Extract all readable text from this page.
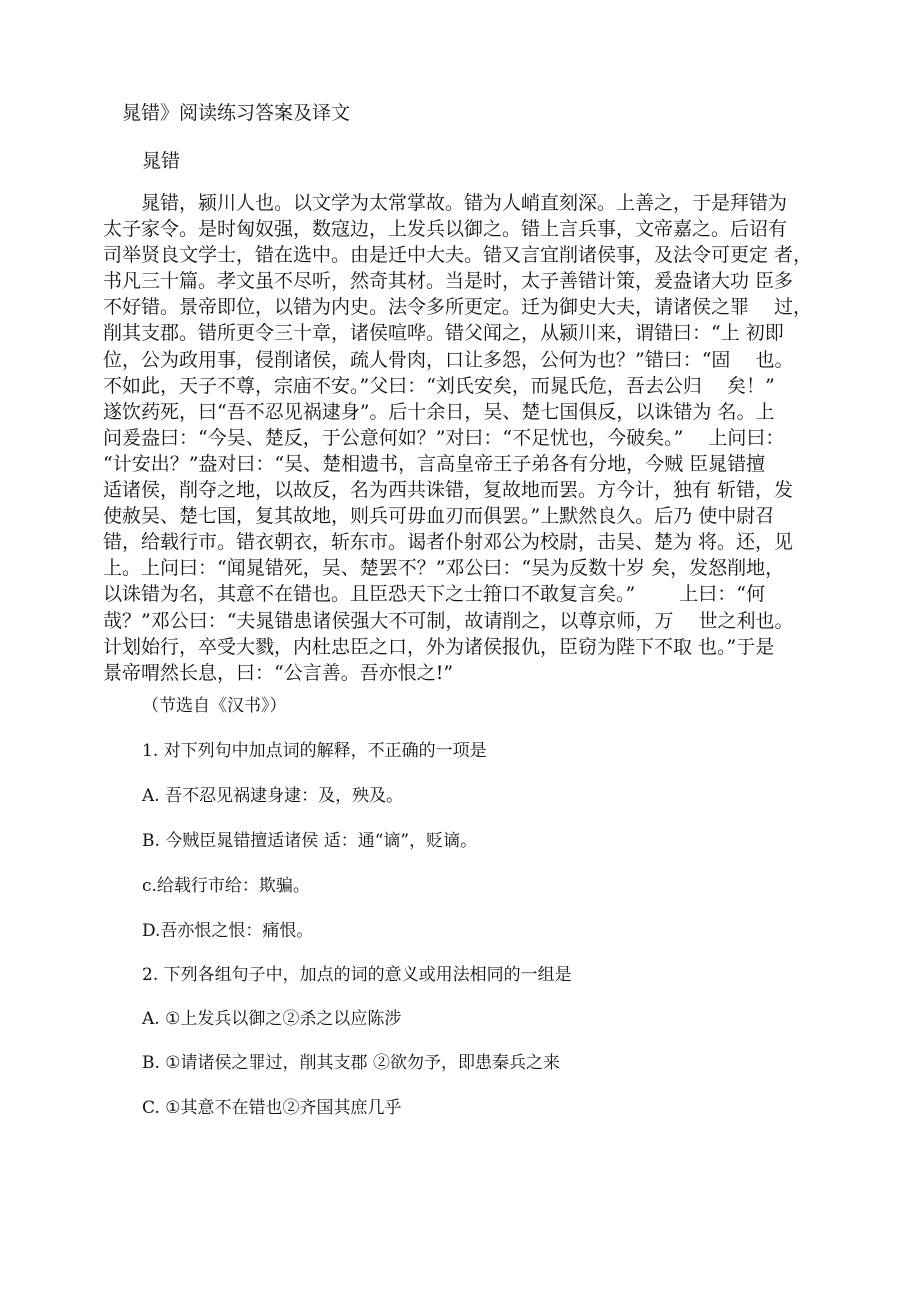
晁错》阅读练习答案及译文
晁错
晁错，颍川人也。以文学为太常掌故。错为人峭直刻深。上善之，于是拜错为
太子家令。是时匈奴强，数寇边，上发兵以御之。错上言兵事，文帝嘉之。后诏有
司举贤良文学士，错在选中。由是迁中大夫。错又言宜削诸侯事，及法令可更定 者，
书凡三十篇。孝文虽不尽听，然奇其材。当是时，太子善错计策，爰盎诸大功 臣多
不好错。景帝即位，以错为内史。法令多所更定。迁为御史大夫，请诸侯之罪　 过，
削其支郡。错所更令三十章，诸侯喧哗。错父闻之，从颍川来，谓错曰：“上 初即
位，公为政用事，侵削诸侯，疏人骨肉，口让多怨，公何为也？”错曰：“固　 也。
不如此，天子不尊，宗庙不安。”父曰：“刘氏安矣，而晁氏危，吾去公归　 矣！”
遂饮药死，曰“吾不忍见祸逮身”。后十余日，吴、楚七国俱反，以诛错为 名。上
问爰盎曰：“今吴、楚反，于公意何如？”对曰：“不足忧也，今破矣。”　 上问曰：
“计安出？”盎对曰：“吴、楚相遗书，言高皇帝王子弟各有分地，今贼 臣晁错擅
适诸侯，削夺之地，以故反，名为西共诛错，复故地而罢。方今计，独有 斩错，发
使赦吴、楚七国，复其故地，则兵可毋血刃而俱罢。”上默然良久。后乃 使中尉召
错，给载行市。错衣朝衣，斩东市。谒者仆射邓公为校尉，击吴、楚为 将。还，见
上。上问曰：“闻晁错死，吴、楚罢不？”邓公曰：“吴为反数十岁 矣，发怒削地，
以诛错为名，其意不在错也。且臣恐天下之士箝口不敢复言矣。”　　 上曰：“何
哉？”邓公曰：“夫晁错患诸侯强大不可制，故请削之，以尊京师，万　 世之利也。
计划始行，卒受大戮，内杜忠臣之口，外为诸侯报仇，臣窃为陛下不取 也。”于是
景帝喟然长息，曰：“公言善。吾亦恨之!”
（节选自《汉书》）
1. 对下列句中加点词的解释，不正确的一项是
A. 吾不忍见祸逮身逮：及，殃及。
B. 今贼臣晁错擅适诸侯 适：通“谪”，贬谪。
c.给载行市给：欺骗。
D.吾亦恨之恨：痛恨。
2. 下列各组句子中，加点的词的意义或用法相同的一组是
A. ①上发兵以御之②杀之以应陈涉
B. ①请诸侯之罪过，削其支郡 ②欲勿予，即患秦兵之来
C. ①其意不在错也②齐国其庶几乎
